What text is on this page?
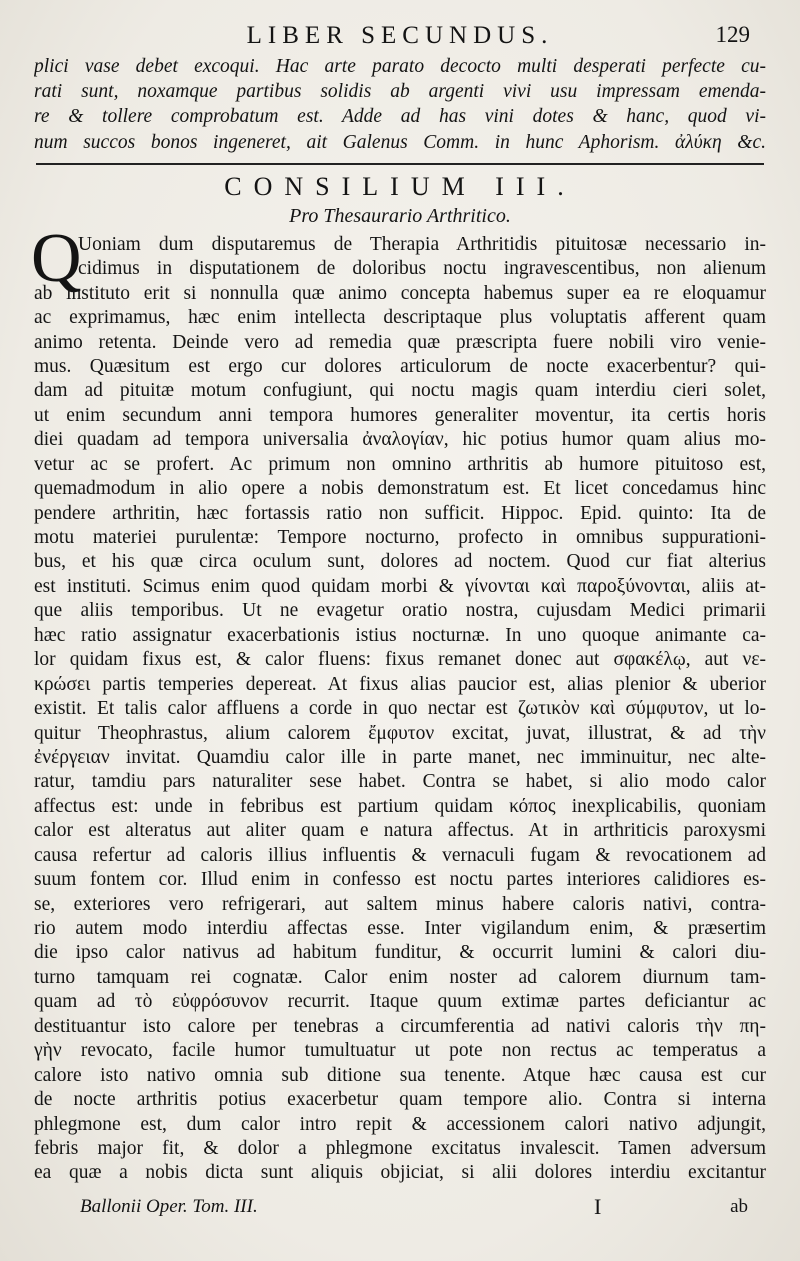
LIBER SECUNDUS.	129
plici vase debet excoqui. Hac arte parato decocto multi desperati perfecte cu-
rati sunt, noxamque partibus solidis ab argenti vivi usu impressam emenda-
re & tollere comprobatum est. Adde ad has vini dotes & hanc, quod vi-
num succos bonos ingeneret, ait Galenus Comm. in hunc Aphorism. ἀλύκη &c.
CONSILIUM III.
Pro Thesaurario Arthritico.
Q
Uoniam dum disputaremus de Therapia Arthritidis pituitosæ necessario in-
cidimus in disputationem de doloribus noctu ingravescentibus, non alienum
ab instituto erit si nonnulla quæ animo concepta habemus super ea re eloquamur
ac exprimamus, hæc enim intellecta descriptaque plus voluptatis afferent quam
animo retenta. Deinde vero ad remedia quæ præscripta fuere nobili viro venie-
mus. Quæsitum est ergo cur dolores articulorum de nocte exacerbentur? qui-
dam ad pituitæ motum confugiunt, qui noctu magis quam interdiu cieri solet,
ut enim secundum anni tempora humores generaliter moventur, ita certis horis
diei quadam ad tempora universalia ἀναλογίαν, hic potius humor quam alius mo-
vetur ac se profert. Ac primum non omnino arthritis ab humore pituitoso est,
quemadmodum in alio opere a nobis demonstratum est. Et licet concedamus hinc
pendere arthritin, hæc fortassis ratio non sufficit. Hippoc. Epid. quinto: Ita de
motu materiei purulentæ: Tempore nocturno, profecto in omnibus suppurationi-
bus, et his quæ circa oculum sunt, dolores ad noctem. Quod cur fiat alterius
est instituti. Scimus enim quod quidam morbi & γίνονται καὶ παροξύνονται, aliis at-
que aliis temporibus. Ut ne evagetur oratio nostra, cujusdam Medici primarii
hæc ratio assignatur exacerbationis istius nocturnæ. In uno quoque animante ca-
lor quidam fixus est, & calor fluens: fixus remanet donec aut σφακέλῳ, aut νε-
κρώσει partis temperies depereat. At fixus alias paucior est, alias plenior & uberior
existit. Et talis calor affluens a corde in quo nectar est ζωτικὸν καὶ σύμφυτον, ut lo-
quitur Theophrastus, alium calorem ἔμφυτον excitat, juvat, illustrat, & ad τὴν
ἐνέργειαν invitat. Quamdiu calor ille in parte manet, nec imminuitur, nec alte-
ratur, tamdiu pars naturaliter sese habet. Contra se habet, si alio modo calor
affectus est: unde in febribus est partium quidam κόπος inexplicabilis, quoniam
calor est alteratus aut aliter quam e natura affectus. At in arthriticis paroxysmi
causa refertur ad caloris illius influentis & vernaculi fugam & revocationem ad
suum fontem cor. Illud enim in confesso est noctu partes interiores calidiores es-
se, exteriores vero refrigerari, aut saltem minus habere caloris nativi, contra-
rio autem modo interdiu affectas esse. Inter vigilandum enim, & præsertim
die ipso calor nativus ad habitum funditur, & occurrit lumini & calori diu-
turno tamquam rei cognatæ. Calor enim noster ad calorem diurnum tam-
quam ad τὸ εὐφρόσυνον recurrit. Itaque quum extimæ partes deficiantur ac
destituantur isto calore per tenebras a circumferentia ad nativi caloris τὴν πη-
γὴν revocato, facile humor tumultuatur ut pote non rectus ac temperatus a
calore isto nativo omnia sub ditione sua tenente. Atque hæc causa est cur
de nocte arthritis potius exacerbetur quam tempore alio. Contra si interna
phlegmone est, dum calor intro repit & accessionem calori nativo adjungit,
febris major fit, & dolor a phlegmone excitatus invalescit. Tamen adversum
ea quæ a nobis dicta sunt aliquis objiciat, si alii dolores interdiu excitantur
Ballonii Oper. Tom. III.	I	ab
